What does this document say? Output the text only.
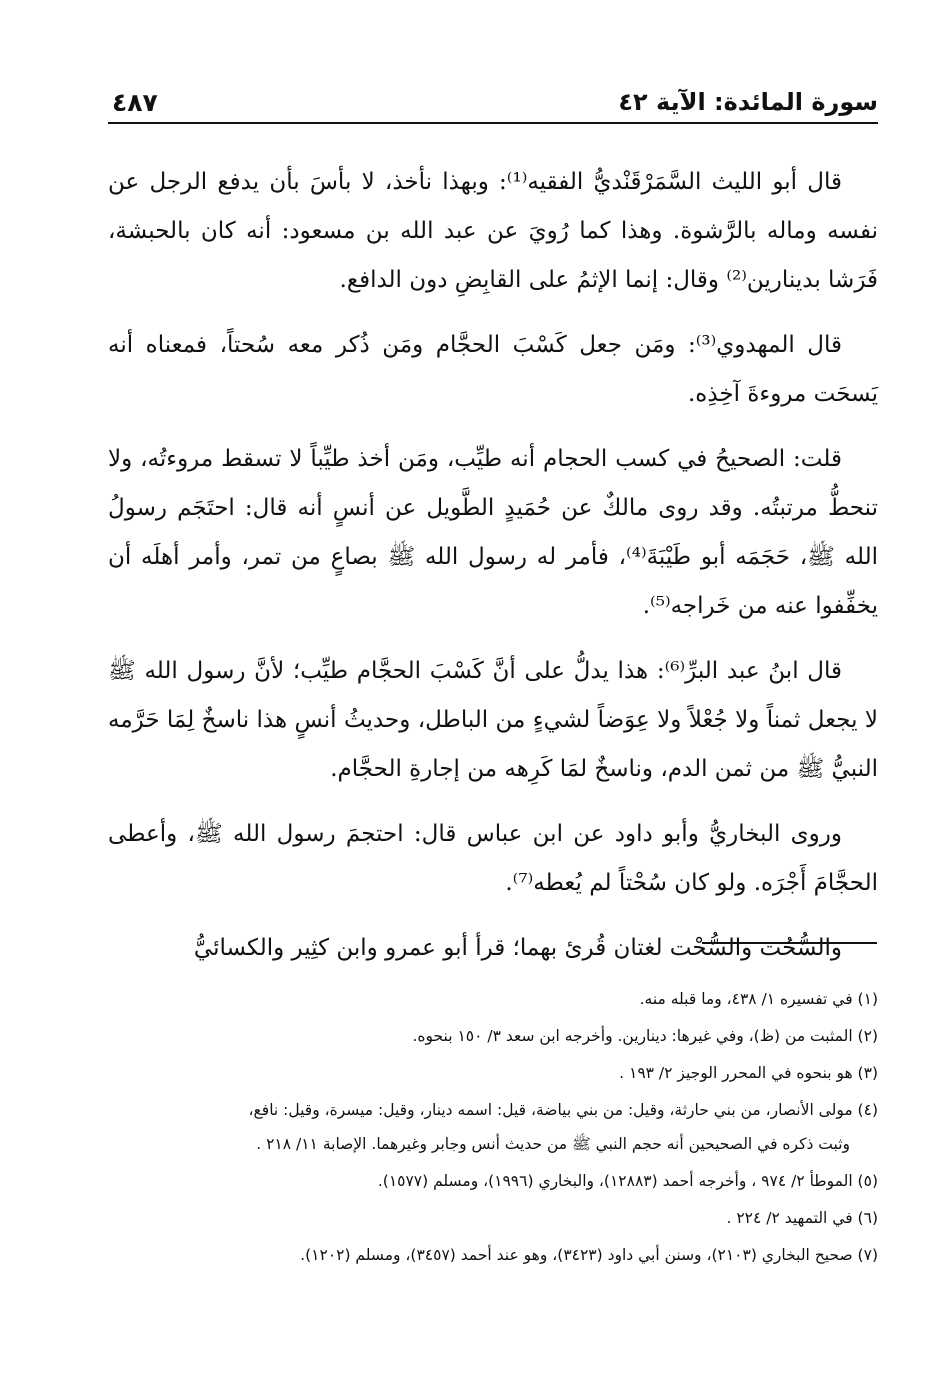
سورة المائدة: الآية ٤٢
٤٨٧

قال أبو الليث السَّمَرْقَنْديُّ الفقيه⁽¹⁾: وبهذا نأخذ، لا بأسَ بأن يدفع الرجل عن نفسه وماله بالرَّشوة. وهذا كما رُويَ عن عبد الله بن مسعود: أنه كان بالحبشة، فَرَشا بدينارين⁽²⁾ وقال: إنما الإثمُ على القابِضِ دون الدافع.

قال المهدوي⁽³⁾: ومَن جعل كَسْبَ الحجَّام ومَن ذُكر معه سُحتاً، فمعناه أنه يَسحَت مروءةَ آخِذِه.

قلت: الصحيحُ في كسب الحجام أنه طيِّب، ومَن أخذ طيِّباً لا تسقط مروءتُه، ولا تنحطُّ مرتبتُه. وقد روى مالكٌ عن حُمَيدٍ الطَّويل عن أنسٍ أنه قال: احتَجَم رسولُ الله ﷺ، حَجَمَه أبو طَيْبَةَ⁽⁴⁾، فأمر له رسول الله ﷺ بصاعٍ من تمر، وأمر أهلَه أن يخفِّفوا عنه من خَراجه⁽⁵⁾.

قال ابنُ عبد البرِّ⁽⁶⁾: هذا يدلُّ على أنَّ كَسْبَ الحجَّام طيِّب؛ لأنَّ رسول الله ﷺ لا يجعل ثمناً ولا جُعْلاً ولا عِوَضاً لشيءٍ من الباطل، وحديثُ أنسٍ هذا ناسخٌ لِمَا حَرَّمه النبيُّ ﷺ من ثمن الدم، وناسخٌ لمَا كَرِهه من إجارةِ الحجَّام.

وروى البخاريُّ وأبو داود عن ابن عباس قال: احتجمَ رسول الله ﷺ، وأعطى الحجَّامَ أَجْرَه. ولو كان سُحْتاً لم يُعطه⁽⁷⁾.

والسُّحُت والسُّحْت لغتان قُرئ بهما؛ قرأ أبو عمرو وابن كثِير والكسائيُّ

(١) في تفسيره ١/ ٤٣٨، وما قبله منه.
(٢) المثبت من (ظ)، وفي غيرها: دينارين. وأخرجه ابن سعد ٣/ ١٥٠ بنحوه.
(٣) هو بنحوه في المحرر الوجيز ٢/ ١٩٣ .
(٤) مولى الأنصار، من بني حارثة، وقيل: من بني بياضة، قيل: اسمه دينار، وقيل: ميسرة، وقيل: نافع،
وثبت ذكره في الصحيحين أنه حجم النبي ﷺ من حديث أنس وجابر وغيرهما. الإصابة ١١/ ٢١٨ .
(٥) الموطأ ٢/ ٩٧٤ ، وأخرجه أحمد (١٢٨٨٣)، والبخاري (١٩٩٦)، ومسلم (١٥٧٧).
(٦) في التمهيد ٢/ ٢٢٤ .
(٧) صحيح البخاري (٢١٠٣)، وسنن أبي داود (٣٤٢٣)، وهو عند أحمد (٣٤٥٧)، ومسلم (١٢٠٢).
